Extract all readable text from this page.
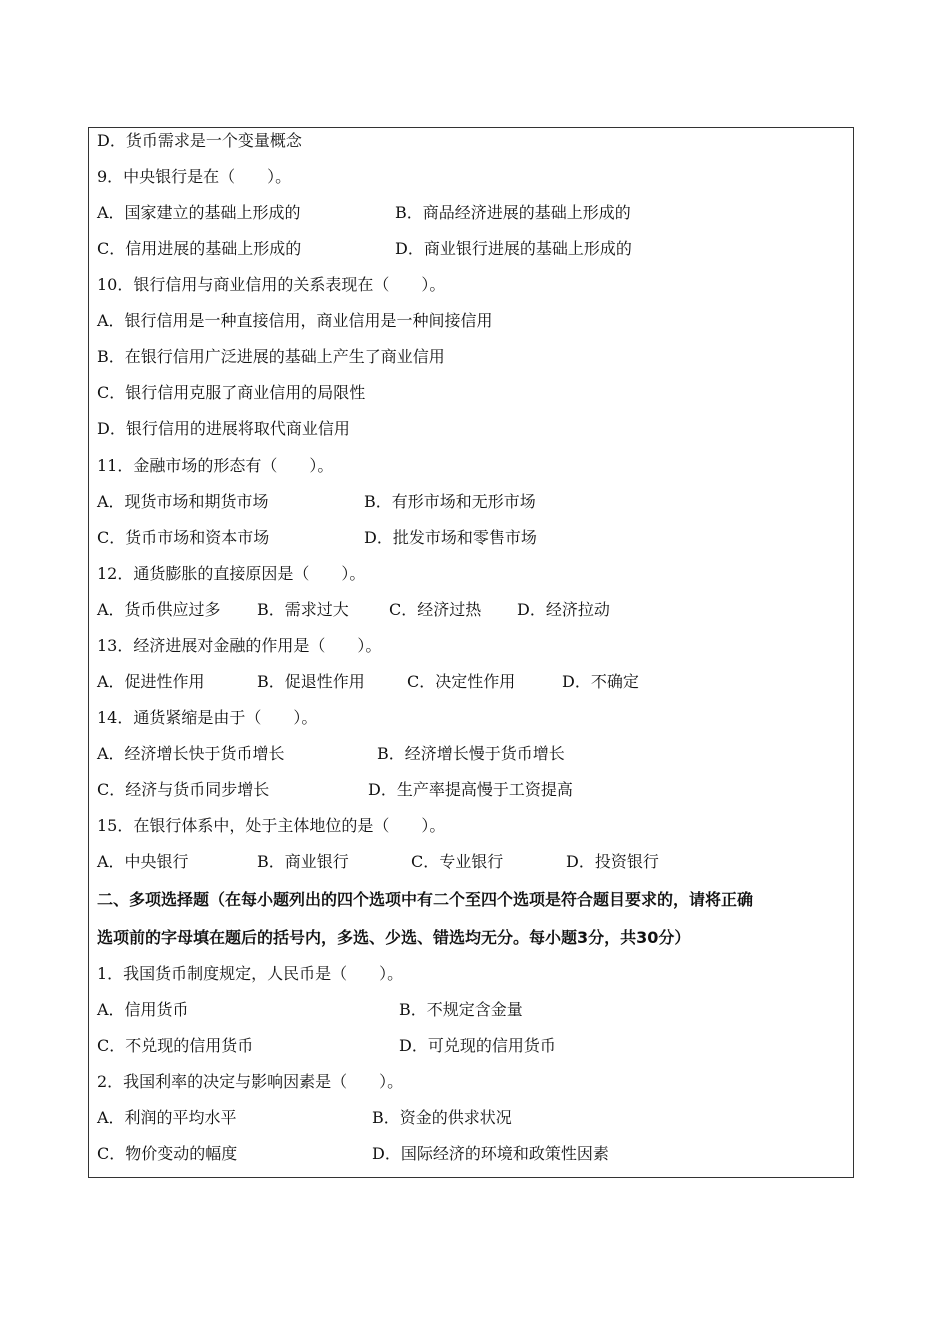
D．货币需求是一个变量概念
9．中央银行是在（　　）。
A．国家建立的基础上形成的	B．商品经济进展的基础上形成的
C．信用进展的基础上形成的	D．商业银行进展的基础上形成的
10．银行信用与商业信用的关系表现在（　　）。
A．银行信用是一种直接信用，商业信用是一种间接信用
B．在银行信用广泛进展的基础上产生了商业信用
C．银行信用克服了商业信用的局限性
D．银行信用的进展将取代商业信用
11．金融市场的形态有（　　）。
A．现货市场和期货市场	B．有形市场和无形市场
C．货币市场和资本市场	D．批发市场和零售市场
12．通货膨胀的直接原因是（　　）。
A．货币供应过多 B．需求过大	C．经济过热 D．经济拉动
13．经济进展对金融的作用是（　　）。
A．促进性作用	B．促退性作用	C．决定性作用	D．不确定
14．通货紧缩是由于（　　）。
A．经济增长快于货币增长	B．经济增长慢于货币增长
C．经济与货币同步增长	D．生产率提高慢于工资提高
15．在银行体系中，处于主体地位的是（　　）。
A．中央银行	B．商业银行	C．专业银行	D．投资银行
二、多项选择题（在每小题列出的四个选项中有二个至四个选项是符合题目要求的，请将正确
选项前的字母填在题后的括号内，多选、少选、错选均无分。每小题3分，共30分）
1．我国货币制度规定，人民币是（　　）。
A．信用货币	B．不规定含金量
C．不兑现的信用货币	D．可兑现的信用货币
2．我国利率的决定与影响因素是（　　）。
A．利润的平均水平	B．资金的供求状况
C．物价变动的幅度	D．国际经济的环境和政策性因素
